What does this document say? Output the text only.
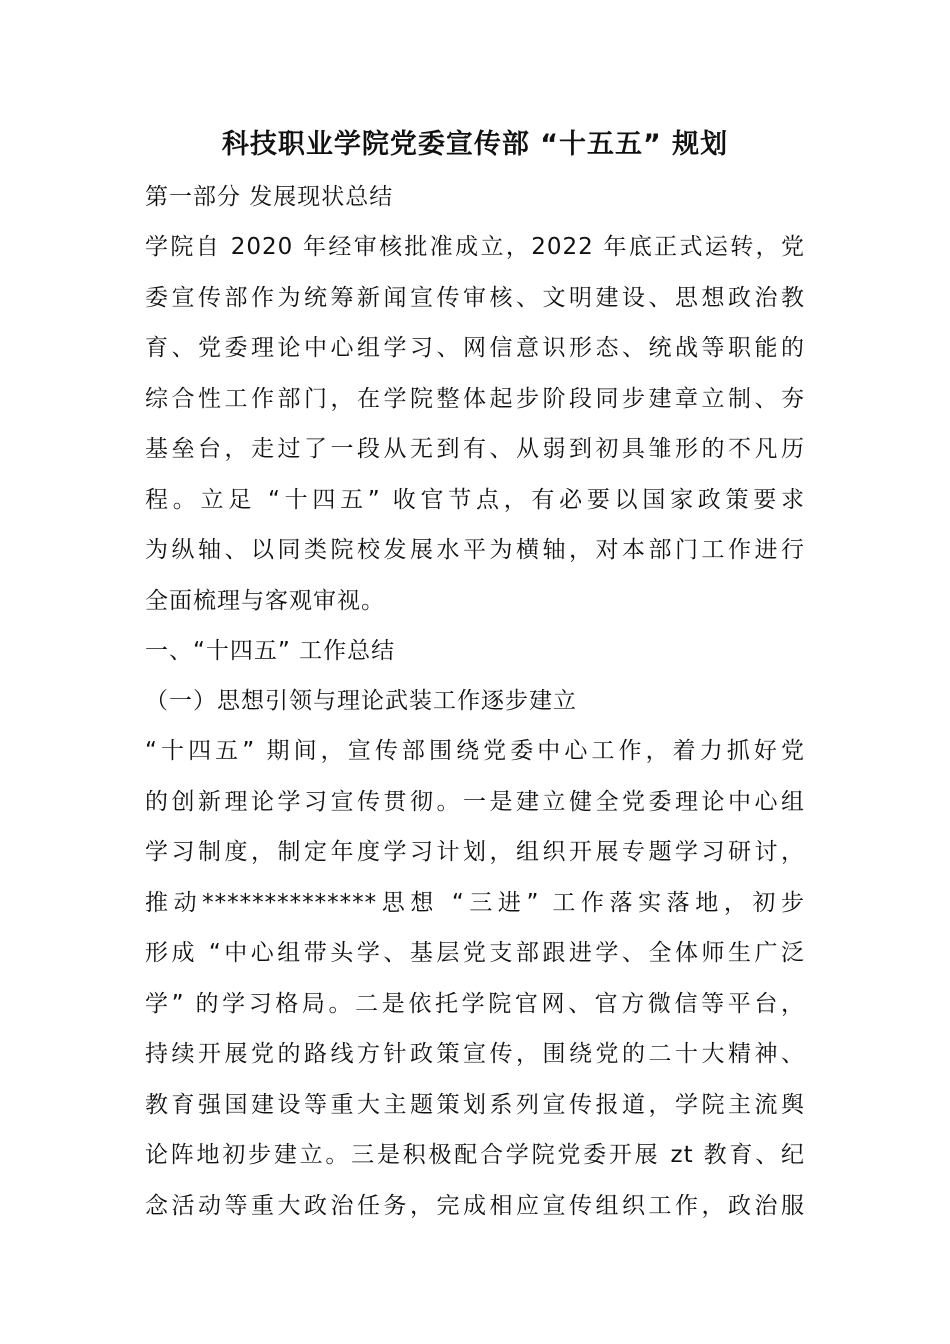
科技职业学院党委宣传部 “十五五” 规划
第一部分 发展现状总结
学院自 2020 年经审核批准成立，2022 年底正式运转，党
委宣传部作为统筹新闻宣传审核、文明建设、思想政治教
育、党委理论中心组学习、网信意识形态、统战等职能的
综合性工作部门，在学院整体起步阶段同步建章立制、夯
基垒台，走过了一段从无到有、从弱到初具雏形的不凡历
程。立足 “十四五” 收官节点，有必要以国家政策要求
为纵轴、以同类院校发展水平为横轴，对本部门工作进行
全面梳理与客观审视。
一、“十四五” 工作总结
（一）思想引领与理论武装工作逐步建立
“十四五” 期间，宣传部围绕党委中心工作，着力抓好党
的创新理论学习宣传贯彻。一是建立健全党委理论中心组
学习制度，制定年度学习计划，组织开展专题学习研讨，
推动**************思想 “三进” 工作落实落地，初步
形成 “中心组带头学、基层党支部跟进学、全体师生广泛
学” 的学习格局。二是依托学院官网、官方微信等平台，
持续开展党的路线方针政策宣传，围绕党的二十大精神、
教育强国建设等重大主题策划系列宣传报道，学院主流舆
论阵地初步建立。三是积极配合学院党委开展 zt 教育、纪
念活动等重大政治任务，完成相应宣传组织工作，政治服
